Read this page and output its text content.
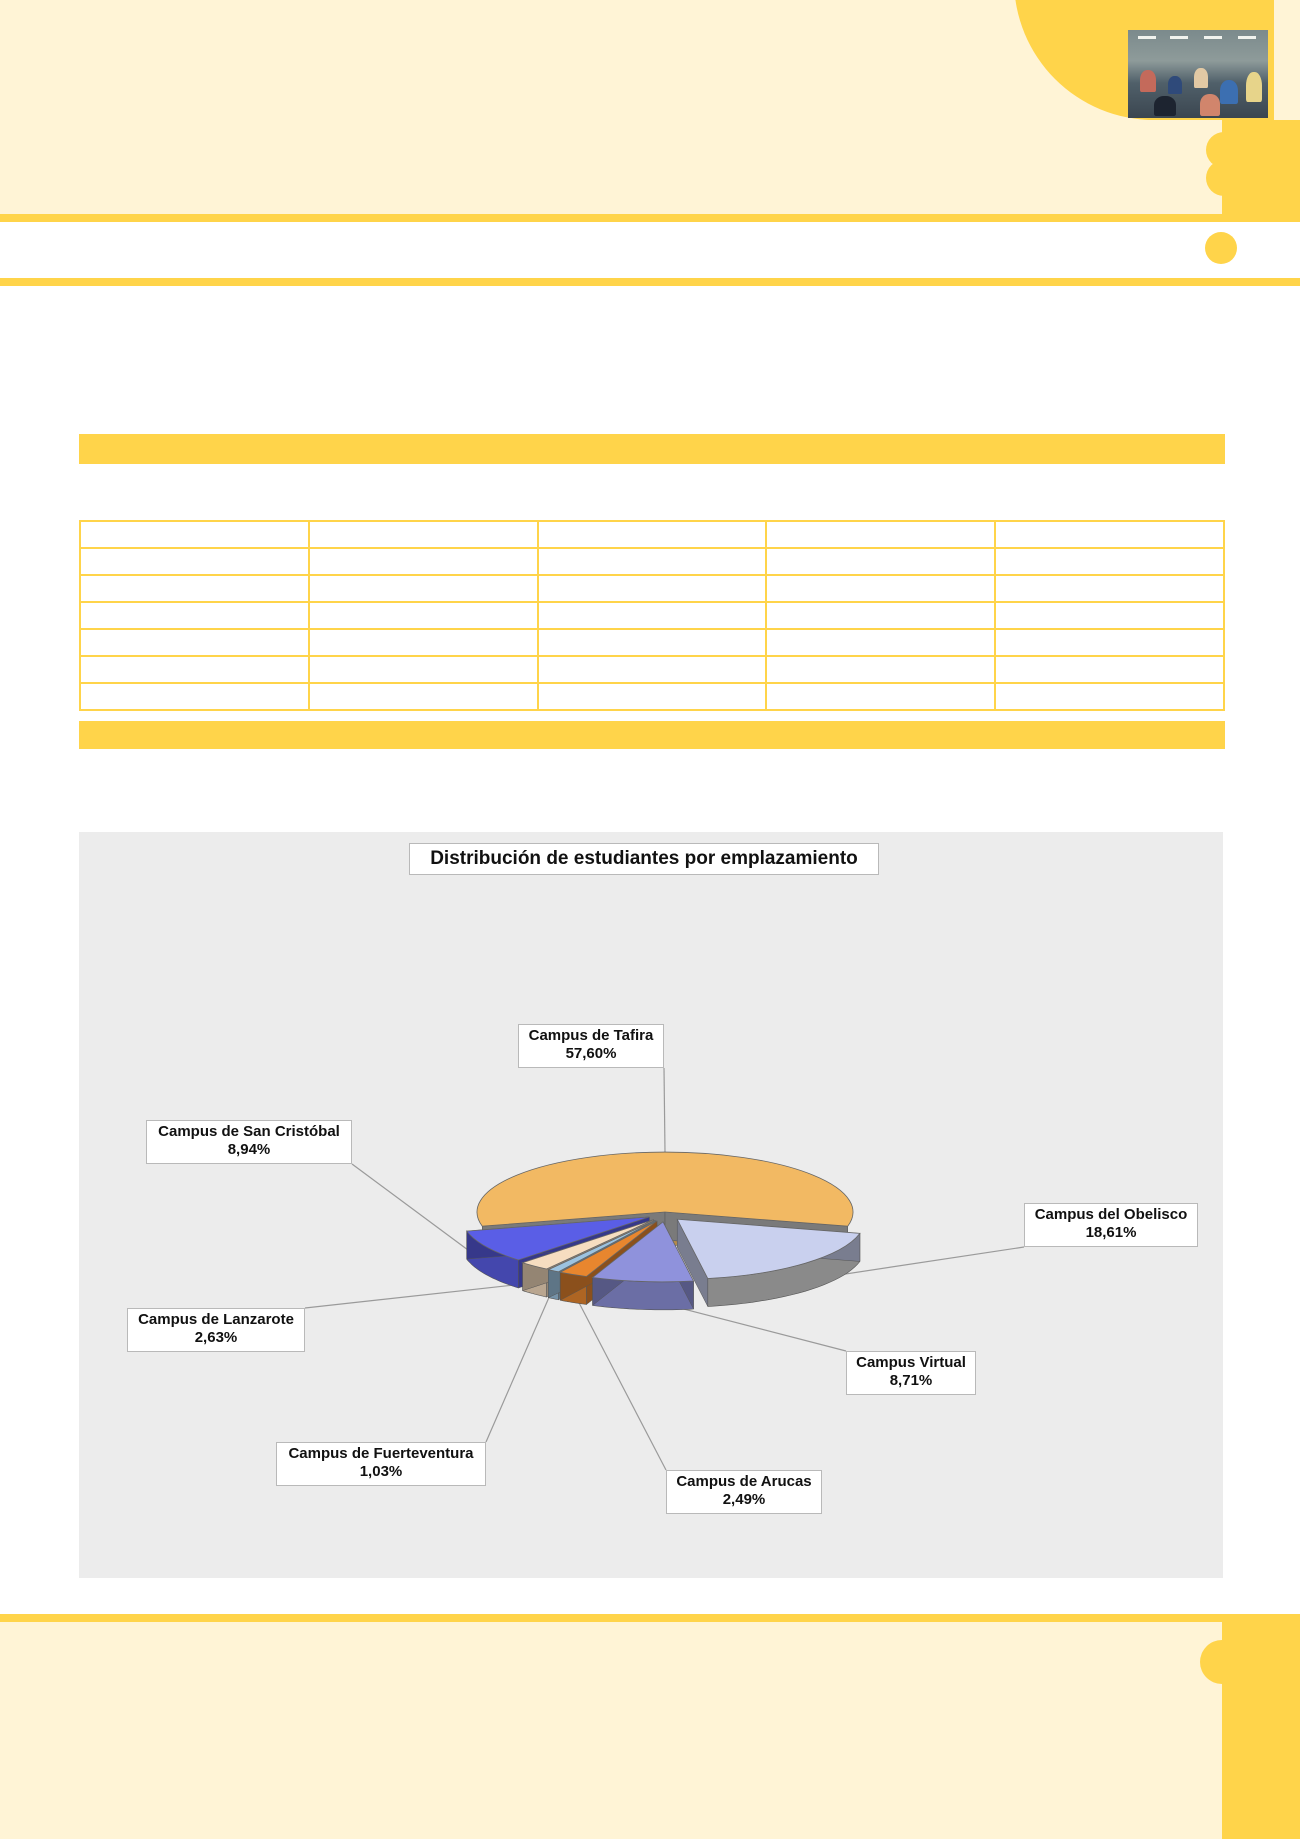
Distribución de estudiantes por emplazamiento
Campus de Tafira
57,60%
Campus del Obelisco
18,61%
Campus Virtual
8,71%
Campus de Arucas
2,49%
Campus de Fuerteventura
1,03%
Campus de Lanzarote
2,63%
Campus de San Cristóbal
8,94%
